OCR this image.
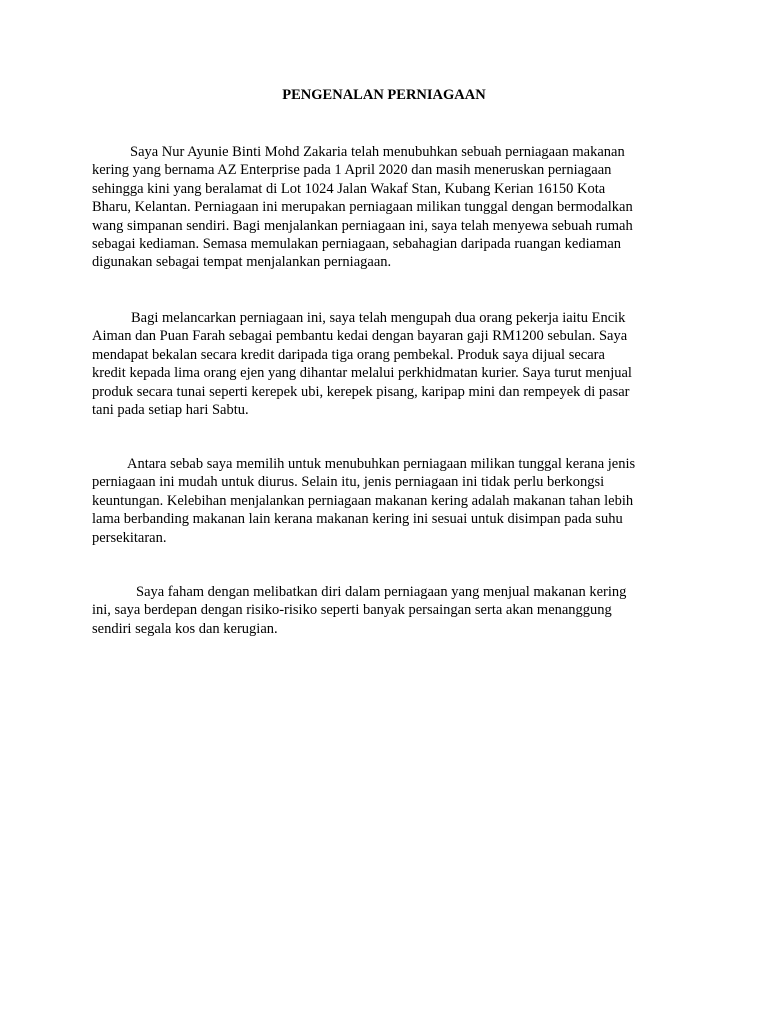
PENGENALAN PERNIAGAAN

Saya Nur Ayunie Binti Mohd Zakaria telah menubuhkan sebuah perniagaan makanan
kering yang bernama AZ Enterprise pada 1 April 2020 dan masih meneruskan perniagaan
sehingga kini yang beralamat di Lot 1024 Jalan Wakaf Stan, Kubang Kerian 16150 Kota
Bharu, Kelantan. Perniagaan ini merupakan perniagaan milikan tunggal dengan bermodalkan
wang simpanan sendiri. Bagi menjalankan perniagaan ini, saya telah menyewa sebuah rumah
sebagai kediaman. Semasa memulakan perniagaan, sebahagian daripada ruangan kediaman
digunakan sebagai tempat menjalankan perniagaan.

Bagi melancarkan perniagaan ini, saya telah mengupah dua orang pekerja iaitu Encik
Aiman dan Puan Farah sebagai pembantu kedai dengan bayaran gaji RM1200 sebulan. Saya
mendapat bekalan secara kredit daripada tiga orang pembekal. Produk saya dijual secara
kredit kepada lima orang ejen yang dihantar melalui perkhidmatan kurier. Saya turut menjual
produk secara tunai seperti kerepek ubi, kerepek pisang, karipap mini dan rempeyek di pasar
tani pada setiap hari Sabtu.

Antara sebab saya memilih untuk menubuhkan perniagaan milikan tunggal kerana jenis
perniagaan ini mudah untuk diurus. Selain itu, jenis perniagaan ini tidak perlu berkongsi
keuntungan. Kelebihan menjalankan perniagaan makanan kering adalah makanan tahan lebih
lama berbanding makanan lain kerana makanan kering ini sesuai untuk disimpan pada suhu
persekitaran.

Saya faham dengan melibatkan diri dalam perniagaan yang menjual makanan kering
ini, saya berdepan dengan risiko-risiko seperti banyak persaingan serta akan menanggung
sendiri segala kos dan kerugian.
